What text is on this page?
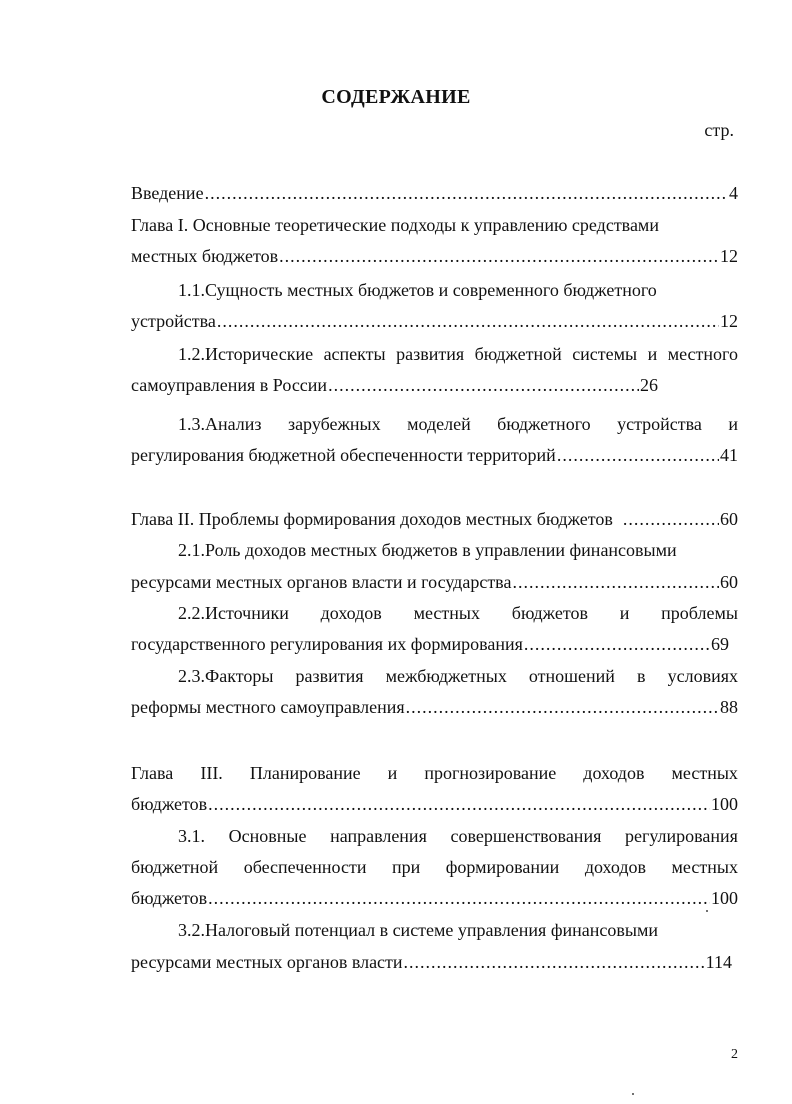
СОДЕРЖАНИЕ
стр.
Введение .....	4
Глава I. Основные теоретические подходы к управлению средствами
местных бюджетов .....	12
1.1.Сущность местных бюджетов и современного бюджетного
устройства .....	12
1.2.Исторические аспекты развития бюджетной системы и местного
самоуправления в России .....	26
1.3.Анализ зарубежных моделей бюджетного устройства и
регулирования бюджетной обеспеченности территорий .....	41
Глава II. Проблемы формирования доходов местных бюджетов .....	60
2.1.Роль доходов местных бюджетов в управлении финансовыми
ресурсами местных органов власти и государства .....	60
2.2.Источники доходов местных бюджетов и проблемы
государственного регулирования их формирования .....	69
2.3.Факторы развития межбюджетных отношений в условиях
реформы местного самоуправления .....	88
Глава III. Планирование и прогнозирование доходов местных
бюджетов .....	100
3.1. Основные направления совершенствования регулирования
бюджетной обеспеченности при формировании доходов местных
бюджетов .....	100
3.2.Налоговый потенциал в системе управления финансовыми
ресурсами местных органов власти .....	114
2
